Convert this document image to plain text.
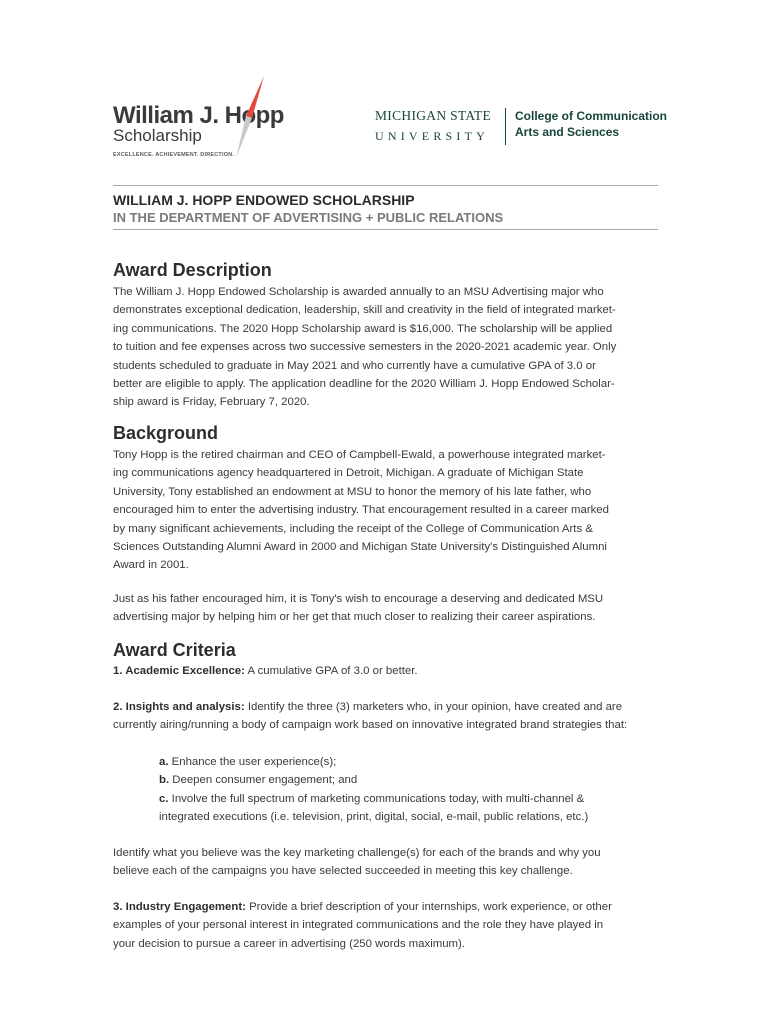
William J. Hopp
Scholarship
EXCELLENCE. ACHIEVEMENT. DIRECTION.
MICHIGAN STATE
UNIVERSITY
College of Communication
Arts and Sciences
WILLIAM J. HOPP ENDOWED SCHOLARSHIP
IN THE DEPARTMENT OF ADVERTISING + PUBLIC RELATIONS
Award Description
The William J. Hopp Endowed Scholarship is awarded annually to an MSU Advertising major who
demonstrates exceptional dedication, leadership, skill and creativity in the field of integrated market-
ing communications. The 2020 Hopp Scholarship award is $16,000. The scholarship will be applied
to tuition and fee expenses across two successive semesters in the 2020-2021 academic year. Only
students scheduled to graduate in May 2021 and who currently have a cumulative GPA of 3.0 or
better are eligible to apply. The application deadline for the 2020 William J. Hopp Endowed Scholar-
ship award is Friday, February 7, 2020.
Background
Tony Hopp is the retired chairman and CEO of Campbell-Ewald, a powerhouse integrated market-
ing communications agency headquartered in Detroit, Michigan. A graduate of Michigan State
University, Tony established an endowment at MSU to honor the memory of his late father, who
encouraged him to enter the advertising industry. That encouragement resulted in a career marked
by many significant achievements, including the receipt of the College of Communication Arts &
Sciences Outstanding Alumni Award in 2000 and Michigan State University's Distinguished Alumni
Award in 2001.
Just as his father encouraged him, it is Tony's wish to encourage a deserving and dedicated MSU
advertising major by helping him or her get that much closer to realizing their career aspirations.
Award Criteria
1. Academic Excellence: A cumulative GPA of 3.0 or better.
2. Insights and analysis: Identify the three (3) marketers who, in your opinion, have created and are
currently airing/running a body of campaign work based on innovative integrated brand strategies that:
a. Enhance the user experience(s);
b. Deepen consumer engagement; and
c. Involve the full spectrum of marketing communications today, with multi-channel &
integrated executions (i.e. television, print, digital, social, e-mail, public relations, etc.)
Identify what you believe was the key marketing challenge(s) for each of the brands and why you
believe each of the campaigns you have selected succeeded in meeting this key challenge.
3. Industry Engagement: Provide a brief description of your internships, work experience, or other
examples of your personal interest in integrated communications and the role they have played in
your decision to pursue a career in advertising (250 words maximum).
